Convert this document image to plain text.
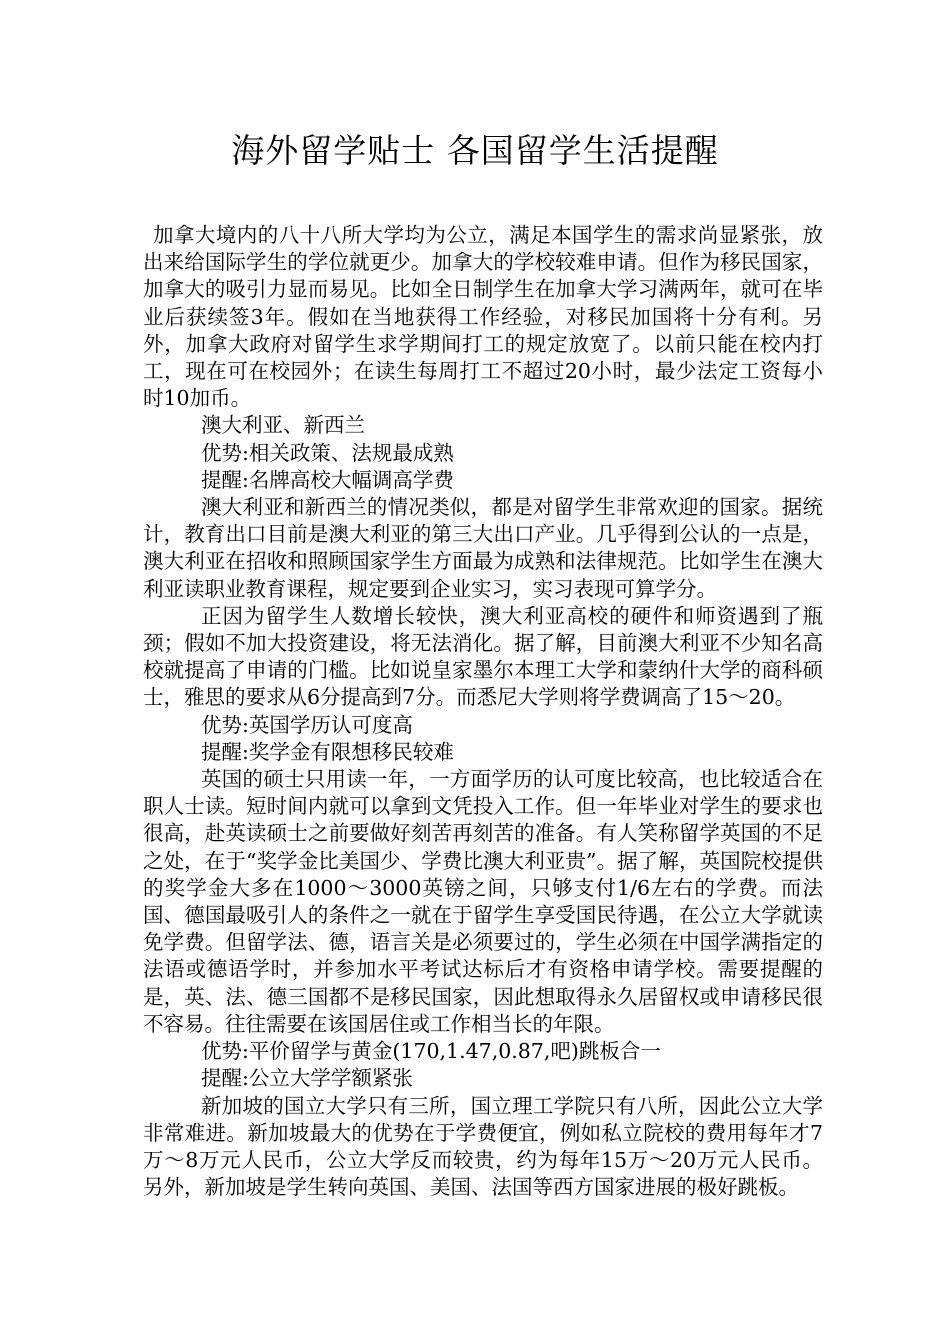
海外留学贴士 各国留学生活提醒

加拿大境内的八十八所大学均为公立，满足本国学生的需求尚显紧张，放出来给国际学生的学位就更少。加拿大的学校较难申请。但作为移民国家，加拿大的吸引力显而易见。比如全日制学生在加拿大学习满两年，就可在毕业后获续签3年。假如在当地获得工作经验，对移民加国将十分有利。另外，加拿大政府对留学生求学期间打工的规定放宽了。以前只能在校内打工，现在可在校园外；在读生每周打工不超过20小时，最少法定工资每小时10加币。

澳大利亚、新西兰

优势:相关政策、法规最成熟

提醒:名牌高校大幅调高学费

澳大利亚和新西兰的情况类似，都是对留学生非常欢迎的国家。据统计，教育出口目前是澳大利亚的第三大出口产业。几乎得到公认的一点是，澳大利亚在招收和照顾国家学生方面最为成熟和法律规范。比如学生在澳大利亚读职业教育课程，规定要到企业实习，实习表现可算学分。

正因为留学生人数增长较快，澳大利亚高校的硬件和师资遇到了瓶颈；假如不加大投资建设，将无法消化。据了解，目前澳大利亚不少知名高校就提高了申请的门槛。比如说皇家墨尔本理工大学和蒙纳什大学的商科硕士，雅思的要求从6分提高到7分。而悉尼大学则将学费调高了15～20。

优势:英国学历认可度高

提醒:奖学金有限想移民较难

英国的硕士只用读一年，一方面学历的认可度比较高，也比较适合在职人士读。短时间内就可以拿到文凭投入工作。但一年毕业对学生的要求也很高，赴英读硕士之前要做好刻苦再刻苦的准备。有人笑称留学英国的不足之处，在于“奖学金比美国少、学费比澳大利亚贵”。据了解，英国院校提供的奖学金大多在1000～3000英镑之间，只够支付1/6左右的学费。而法国、德国最吸引人的条件之一就在于留学生享受国民待遇，在公立大学就读免学费。但留学法、德，语言关是必须要过的，学生必须在中国学满指定的法语或德语学时，并参加水平考试达标后才有资格申请学校。需要提醒的是，英、法、德三国都不是移民国家，因此想取得永久居留权或申请移民很不容易。往往需要在该国居住或工作相当长的年限。

优势:平价留学与黄金(170,1.47,0.87,吧)跳板合一

提醒:公立大学学额紧张

新加坡的国立大学只有三所，国立理工学院只有八所，因此公立大学非常难进。新加坡最大的优势在于学费便宜，例如私立院校的费用每年才7万～8万元人民币，公立大学反而较贵，约为每年15万～20万元人民币。另外，新加坡是学生转向英国、美国、法国等西方国家进展的极好跳板。
